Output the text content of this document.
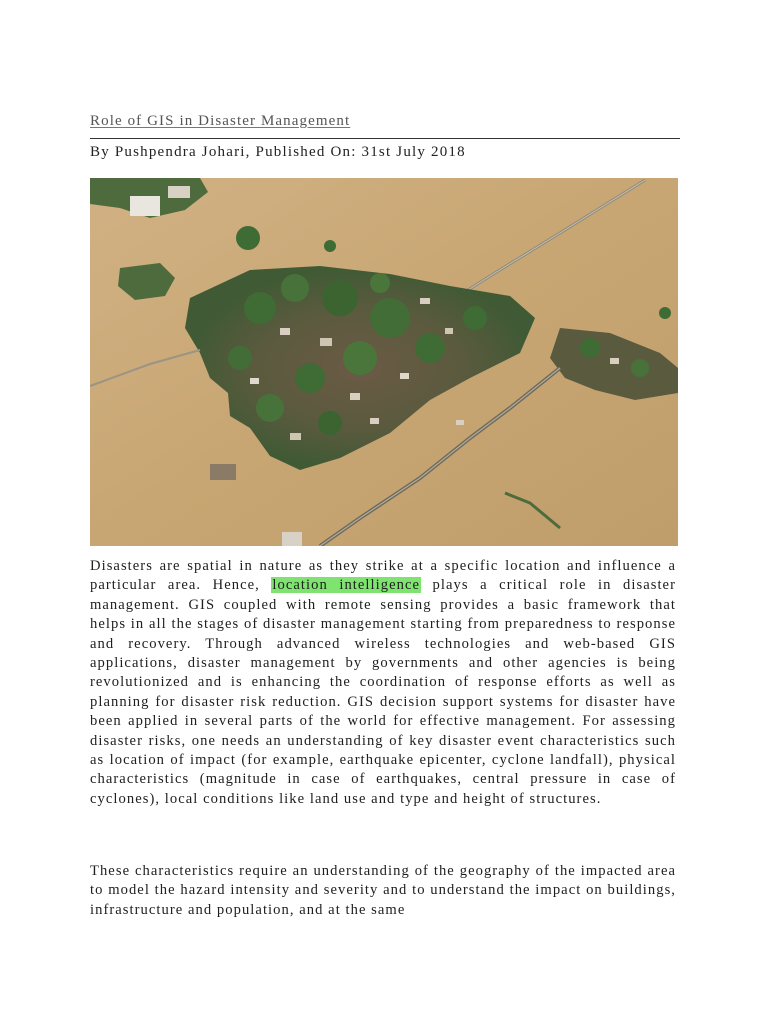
Role of GIS in Disaster Management
By Pushpendra Johari, Published On: 31st July 2018
Disasters are spatial in nature as they strike at a specific location and influence a particular area. Hence, location intelligence plays a critical role in disaster management. GIS coupled with remote sensing provides a basic framework that helps in all the stages of disaster management starting from preparedness to response and recovery. Through advanced wireless technologies and web-based GIS applications, disaster management by governments and other agencies is being revolutionized and is enhancing the coordination of response efforts as well as planning for disaster risk reduction. GIS decision support systems for disaster have been applied in several parts of the world for effective management. For assessing disaster risks, one needs an understanding of key disaster event characteristics such as location of impact (for example, earthquake epicenter, cyclone landfall), physical characteristics (magnitude in case of earthquakes, central pressure in case of cyclones), local conditions like land use and type and height of structures.
These characteristics require an understanding of the geography of the impacted area to model the hazard intensity and severity and to understand the impact on buildings, infrastructure and population, and at the same
